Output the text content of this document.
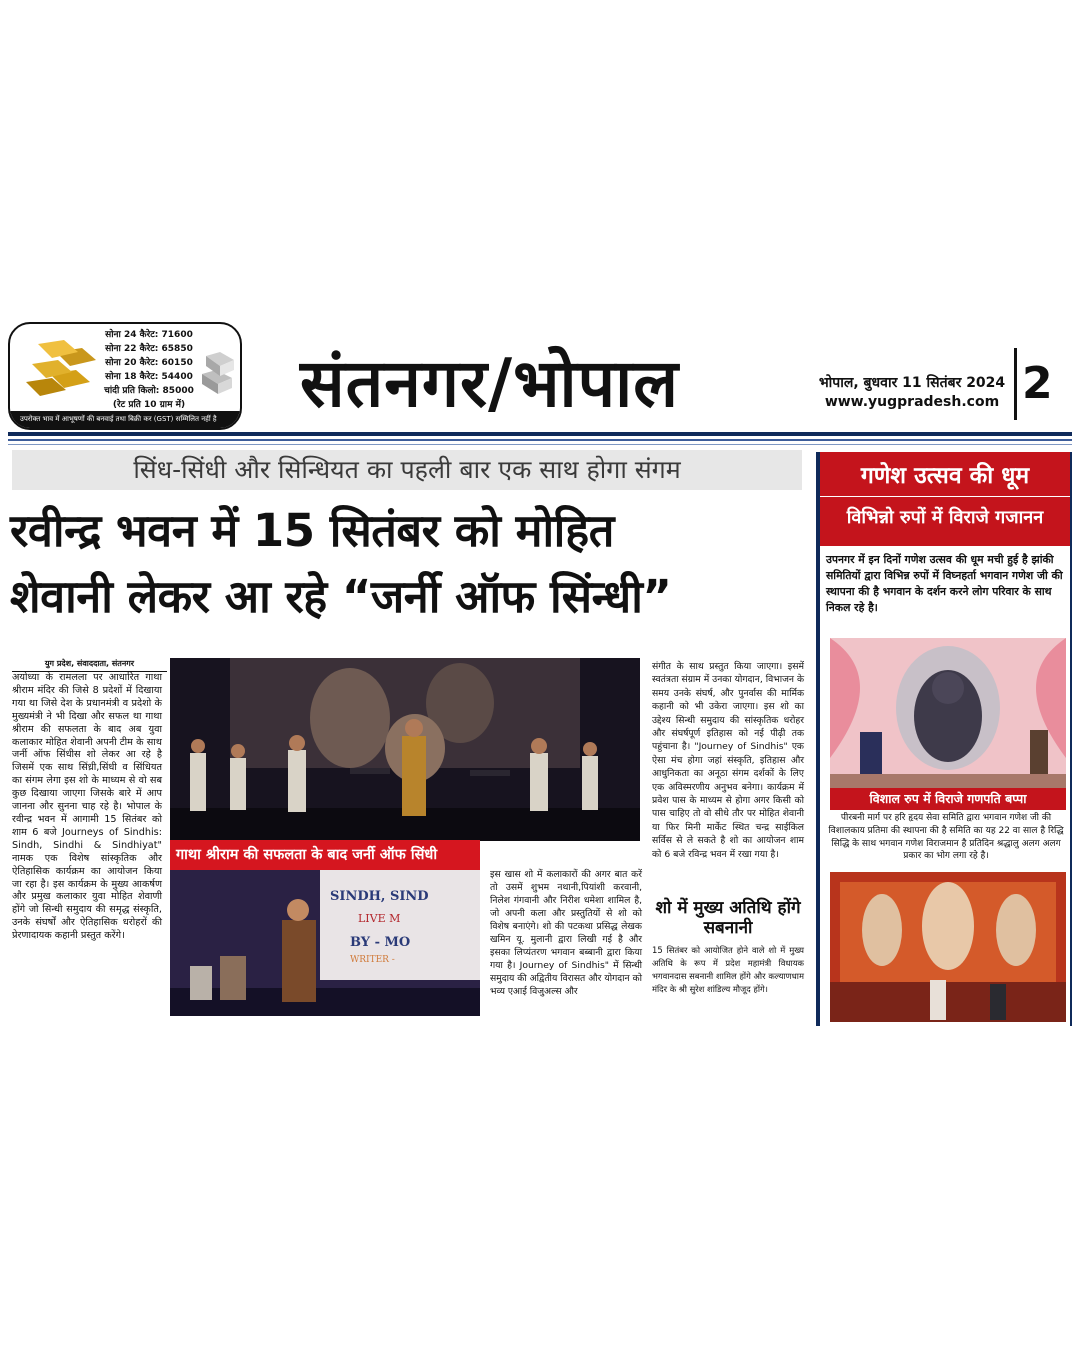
सोना 24 कैरेट: 71600
सोना 22 कैरेट: 65850
सोना 20 कैरेट: 60150
सोना 18 कैरेट: 54400
चांदी प्रति किलो: 85000
(रेट प्रति 10 ग्राम में)
उपरोक्त भाव में आभूषणों की बनवाई तथा बिक्री कर (GST) सम्मिलित नहीं है	संतनगर/भोपाल	भोपाल, बुधवार 11 सितंबर 2024
www.yugpradesh.com 2
सिंध-सिंधी और सिन्धियत का पहली बार एक साथ होगा संगम
रवीन्द्र भवन में 15 सितंबर को मोहित
शेवानी लेकर आ रहे “जर्नी ऑफ सिंन्धी”
युग प्रदेश, संवाददाता, संतनगर
अयोध्या के रामलला पर आधारित गाथा श्रीराम मंदिर की जिसे 8 प्रदेशों में दिखाया गया था जिसे देश के प्रधानमंत्री व प्रदेशो के मुख्यमंत्री ने भी दिखा और सफल था गाथा श्रीराम की सफलता के बाद अब युवा कलाकार मोहित शेवानी अपनी टीम के साथ जर्नी ऑफ सिंधीस शो लेकर आ रहे है जिसमें एक साथ सिंध्री,सिंधी व सिंधियत का संगम लेगा इस शो के माध्यम से वो सब कुछ दिखाया जाएगा जिसके बारे में आप जानना और सुनना चाह रहे है। भोपाल के रवीन्द्र भवन में आगामी 15 सितंबर को शाम 6 बजे Journeys of Sindhis: Sindh, Sindhi & Sindhiyat" नामक एक विशेष सांस्कृतिक और ऐतिहासिक कार्यक्रम का आयोजन किया जा रहा है। इस कार्यक्रम के मुख्य आकर्षण और प्रमुख कलाकार युवा मोहित शेवाणी होंगे जो सिन्धी समुदाय की समृद्ध संस्कृति, उनके संघर्षों और ऐतिहासिक धरोहरों की प्रेरणादायक कहानी प्रस्तुत करेंगे।
गाथा श्रीराम की सफलता के बाद जर्नी ऑफ सिंधी
SINDH, SIND
LIVE M
BY - MO
WRITER -
इस खास शो में कलाकारों की अगर बात करें तो उसमें शुभम नथानी,पियांशी करवानी, निलेश गंगवानी और निरीश धमेशा शामिल है, जो अपनी कला और प्रस्तुतियों से शो को विशेष बनाएंगे। शो की पटकथा प्रसिद्ध लेखक खमिन यू. मुलानी द्वारा लिखी गई है और इसका लिप्यंतरण भगवान बब्बानी द्वारा किया गया है। Journey of Sindhis" में सिन्धी समुदाय की अद्वितीय विरासत और योगदान को भव्य एआई विजुअल्स और
संगीत के साथ प्रस्तुत किया जाएगा। इसमें स्वतंत्रता संग्राम में उनका योगदान, विभाजन के समय उनके संघर्ष, और पुनर्वास की मार्मिक कहानी को भी उकेरा जाएगा। इस शो का उद्देश्य सिन्धी समुदाय की सांस्कृतिक धरोहर और संघर्षपूर्ण इतिहास को नई पीढ़ी तक पहुंचाना है। "Journey of Sindhis" एक ऐसा मंच होगा जहां संस्कृति, इतिहास और आधुनिकता का अनूठा संगम दर्शकों के लिए एक अविस्मरणीय अनुभव बनेगा। कार्यक्रम में प्रवेश पास के माध्यम से होगा अगर किसी को पास चाहिए तो वो सीधे तौर पर मोहित शेवानी या फिर मिनी मार्केट स्थित चन्द्र साईकिल सर्विस से ले सकते है शो का आयोजन शाम को 6 बजे रविन्द्र भवन में रखा गया है।
शो में मुख्य अतिथि होंगे सबनानी
15 सितंबर को आयोजित होने वाले शो में मुख्य अतिथि के रूप में प्रदेश महामंत्री विधायक भगवानदास सबनानी शामिल होंगे और कल्याणधाम मंदिर के श्री सुरेश शांडिल्य मौजूद होंगे।
गणेश उत्सव की धूम
विभिन्नो रुपों में विराजे गजानन
उपनगर में इन दिनों गणेश उत्सव की धूम मची हुई है झांकी समितियों द्वारा विभिन्न रुपों में विघ्नहर्ता भगवान गणेश जी की स्थापना की है भगवान के दर्शन करने लोग परिवार के साथ निकल रहे है।
विशाल रुप में विराजे गणपति बप्पा
पीरबनी मार्ग पर हरि हृदय सेवा समिति द्वारा भगवान गणेश जी की विशालकाय प्रतिमा की स्थापना की है समिति का यह 22 वा साल है रिद्धि सिद्धि के साथ भगवान गणेश विराजमान है प्रतिदिन श्रद्धालु अलग अलग प्रकार का भोग लगा रहे है।
